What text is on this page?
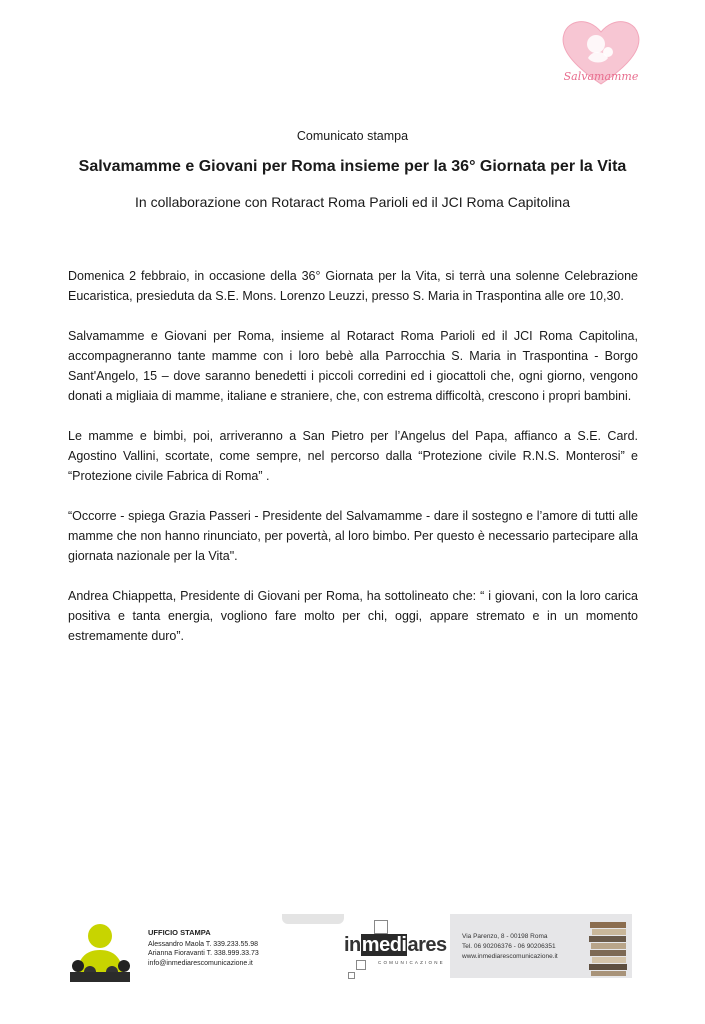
Salvamamme
Comunicato stampa
Salvamamme e Giovani per Roma insieme per la 36° Giornata per la Vita
In collaborazione con Rotaract Roma Parioli ed il JCI Roma Capitolina

Domenica 2 febbraio, in occasione della 36° Giornata per la Vita, si terrà una solenne Celebrazione Eucaristica, presieduta da S.E. Mons. Lorenzo Leuzzi, presso S. Maria in Traspontina alle ore 10,30.

Salvamamme e Giovani per Roma, insieme al Rotaract Roma Parioli ed il JCI Roma Capitolina, accompagneranno tante mamme con i loro bebè alla Parrocchia S. Maria in Traspontina - Borgo Sant'Angelo, 15 – dove saranno benedetti i piccoli corredini ed i giocattoli che, ogni giorno, vengono donati a migliaia di mamme, italiane e straniere, che, con estrema difficoltà, crescono i propri bambini.

Le mamme e bimbi, poi, arriveranno a San Pietro per l’Angelus del Papa, affianco a S.E. Card. Agostino Vallini, scortate, come sempre, nel percorso dalla “Protezione civile R.N.S. Monterosi” e “Protezione civile Fabrica di Roma” .

“Occorre - spiega Grazia Passeri - Presidente del Salvamamme - dare il sostegno e l’amore di tutti alle mamme che non hanno rinunciato, per povertà, al loro bimbo. Per questo è necessario partecipare alla giornata nazionale per la Vita".

Andrea Chiappetta, Presidente di Giovani per Roma, ha sottolineato che: “ i giovani, con la loro carica positiva e tanta energia, vogliono fare molto per chi, oggi, appare stremato e in un momento estremamente duro”.

UFFICIO STAMPA
Alessandro Maola T. 339.233.55.98
Arianna Fioravanti T. 338.999.33.73
info@inmediarescomunicazione.it
inmediares
COMUNICAZIONE
Via Parenzo, 8 - 00198 Roma
Tel. 06 90206376 - 06 90206351
www.inmediarescomunicazione.it
